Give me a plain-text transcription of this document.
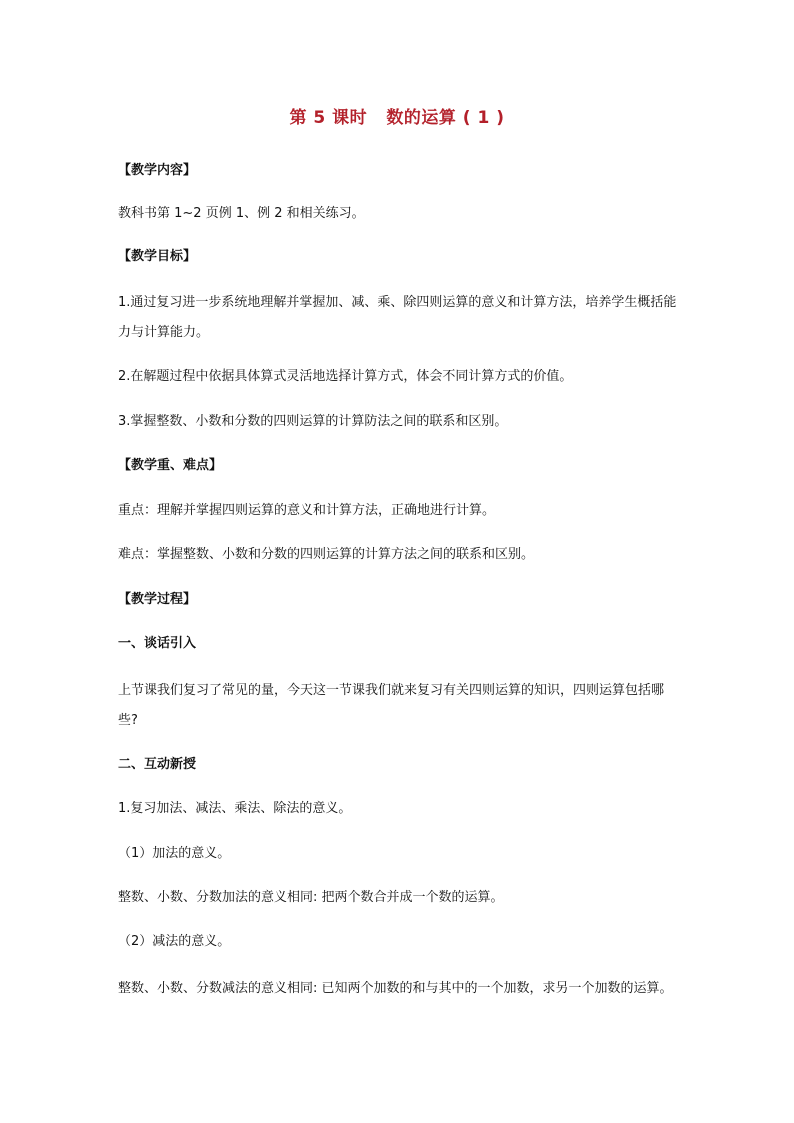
第 5 课时   数的运算 ( 1 )

【教学内容】

教科书第 1~2 页例 1、例 2 和相关练习。

【教学目标】

1.通过复习进一步系统地理解并掌握加、减、乘、除四则运算的意义和计算方法，培养学生概括能力与计算能力。

2.在解题过程中依据具体算式灵活地选择计算方式，体会不同计算方式的价值。

3.掌握整数、小数和分数的四则运算的计算防法之间的联系和区别。

【教学重、难点】

重点：理解并掌握四则运算的意义和计算方法，正确地进行计算。

难点：掌握整数、小数和分数的四则运算的计算方法之间的联系和区别。

【教学过程】

一、谈话引入

上节课我们复习了常见的量，今天这一节课我们就来复习有关四则运算的知识，四则运算包括哪些?

二、互动新授

1.复习加法、减法、乘法、除法的意义。

（1）加法的意义。

整数、小数、分数加法的意义相同: 把两个数合并成一个数的运算。

（2）减法的意义。

整数、小数、分数减法的意义相同: 已知两个加数的和与其中的一个加数，求另一个加数的运算。
